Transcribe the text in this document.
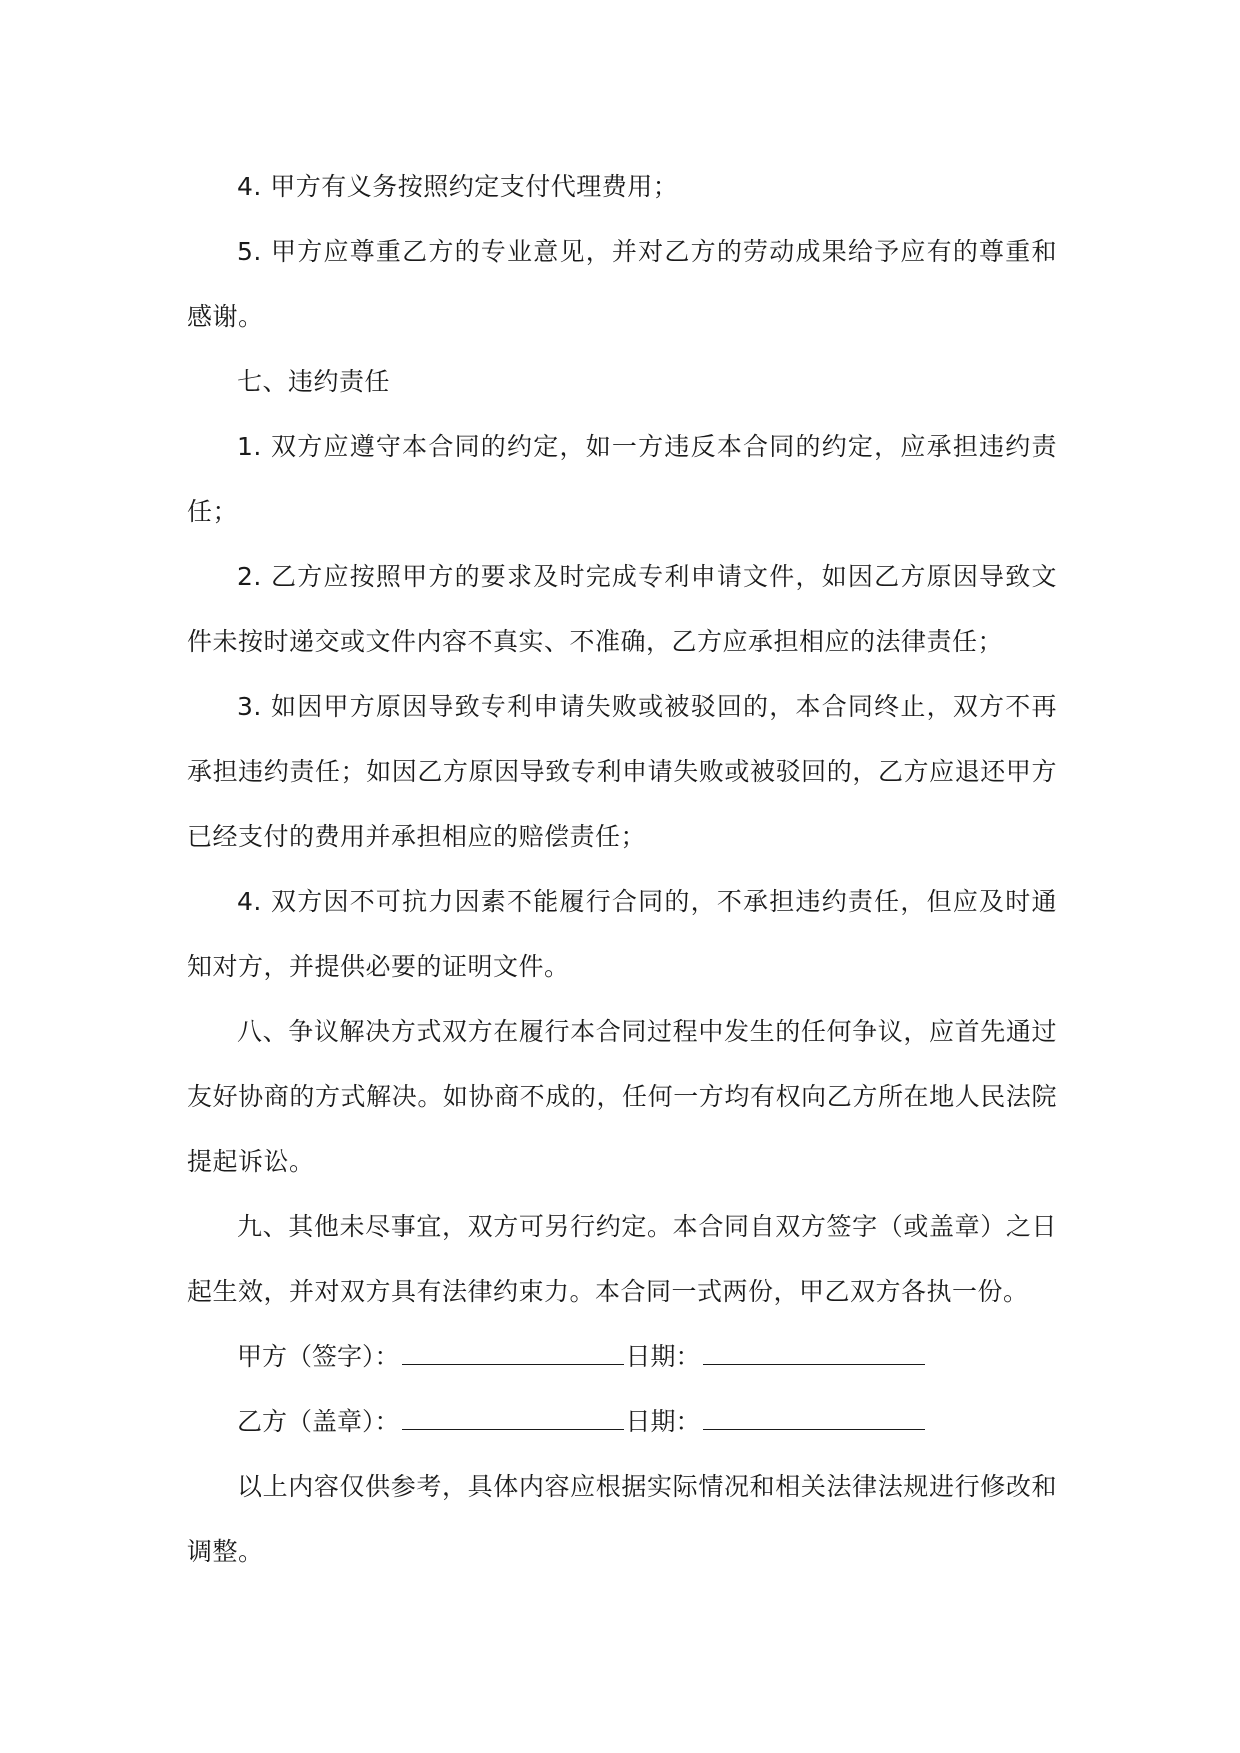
4. 甲方有义务按照约定支付代理费用；

5. 甲方应尊重乙方的专业意见，并对乙方的劳动成果给予应有的尊重和感谢。

七、违约责任

1. 双方应遵守本合同的约定，如一方违反本合同的约定，应承担违约责任；

2. 乙方应按照甲方的要求及时完成专利申请文件，如因乙方原因导致文件未按时递交或文件内容不真实、不准确，乙方应承担相应的法律责任；

3. 如因甲方原因导致专利申请失败或被驳回的，本合同终止，双方不再承担违约责任；如因乙方原因导致专利申请失败或被驳回的，乙方应退还甲方已经支付的费用并承担相应的赔偿责任；

4. 双方因不可抗力因素不能履行合同的，不承担违约责任，但应及时通知对方，并提供必要的证明文件。

八、争议解决方式双方在履行本合同过程中发生的任何争议，应首先通过友好协商的方式解决。如协商不成的，任何一方均有权向乙方所在地人民法院提起诉讼。

九、其他未尽事宜，双方可另行约定。本合同自双方签字（或盖章）之日起生效，并对双方具有法律约束力。本合同一式两份，甲乙双方各执一份。

甲方（签字）：	日期：

乙方（盖章）：	日期：

以上内容仅供参考，具体内容应根据实际情况和相关法律法规进行修改和调整。
